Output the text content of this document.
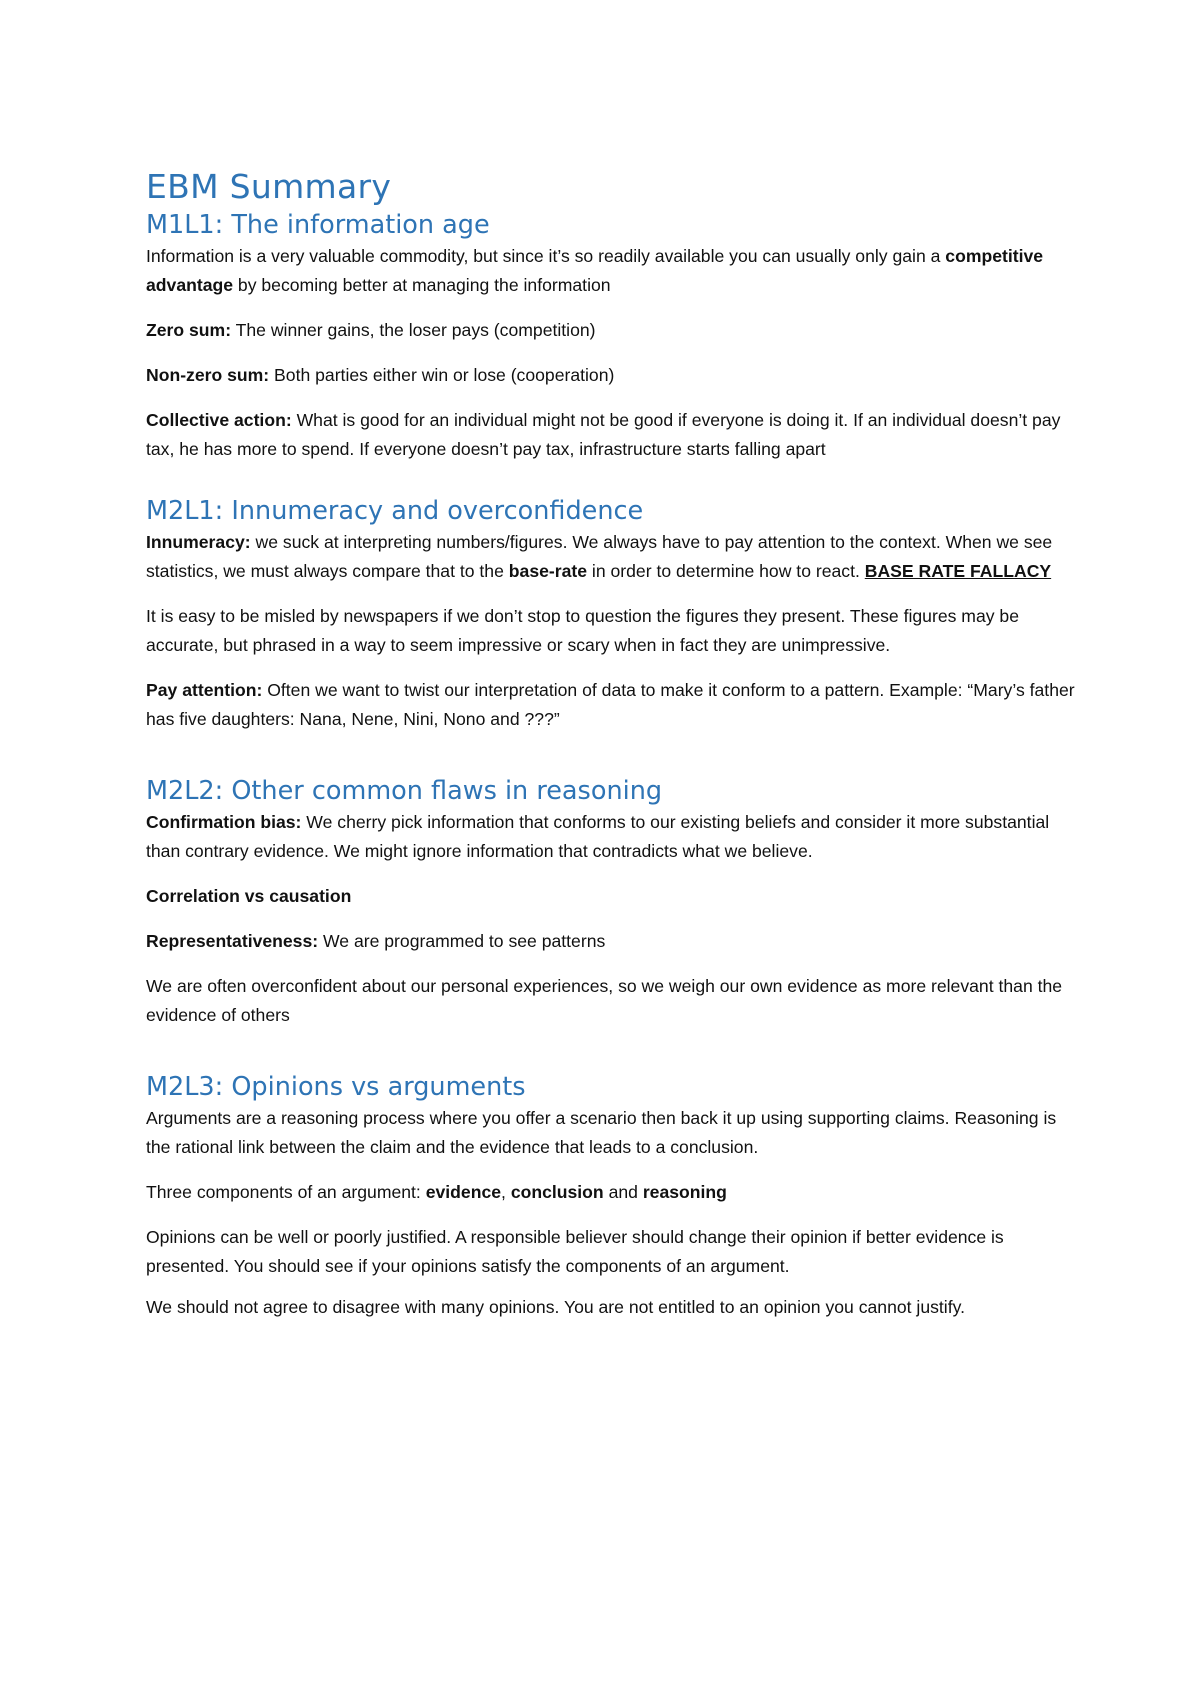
EBM Summary
M1L1: The information age

Information is a very valuable commodity, but since it’s so readily available you can usually only gain a competitive advantage by becoming better at managing the information

Zero sum: The winner gains, the loser pays (competition)

Non-zero sum: Both parties either win or lose (cooperation)

Collective action: What is good for an individual might not be good if everyone is doing it. If an individual doesn’t pay tax, he has more to spend. If everyone doesn’t pay tax, infrastructure starts falling apart

M2L1: Innumeracy and overconfidence

Innumeracy: we suck at interpreting numbers/figures. We always have to pay attention to the context. When we see statistics, we must always compare that to the base-rate in order to determine how to react. BASE RATE FALLACY

It is easy to be misled by newspapers if we don’t stop to question the figures they present. These figures may be accurate, but phrased in a way to seem impressive or scary when in fact they are unimpressive.

Pay attention: Often we want to twist our interpretation of data to make it conform to a pattern. Example: “Mary’s father has five daughters: Nana, Nene, Nini, Nono and ???”

M2L2: Other common flaws in reasoning

Confirmation bias: We cherry pick information that conforms to our existing beliefs and consider it more substantial than contrary evidence. We might ignore information that contradicts what we believe.

Correlation vs causation

Representativeness: We are programmed to see patterns

We are often overconfident about our personal experiences, so we weigh our own evidence as more relevant than the evidence of others

M2L3: Opinions vs arguments

Arguments are a reasoning process where you offer a scenario then back it up using supporting claims. Reasoning is the rational link between the claim and the evidence that leads to a conclusion.

Three components of an argument: evidence, conclusion and reasoning

Opinions can be well or poorly justified. A responsible believer should change their opinion if better evidence is presented. You should see if your opinions satisfy the components of an argument.

We should not agree to disagree with many opinions. You are not entitled to an opinion you cannot justify.
